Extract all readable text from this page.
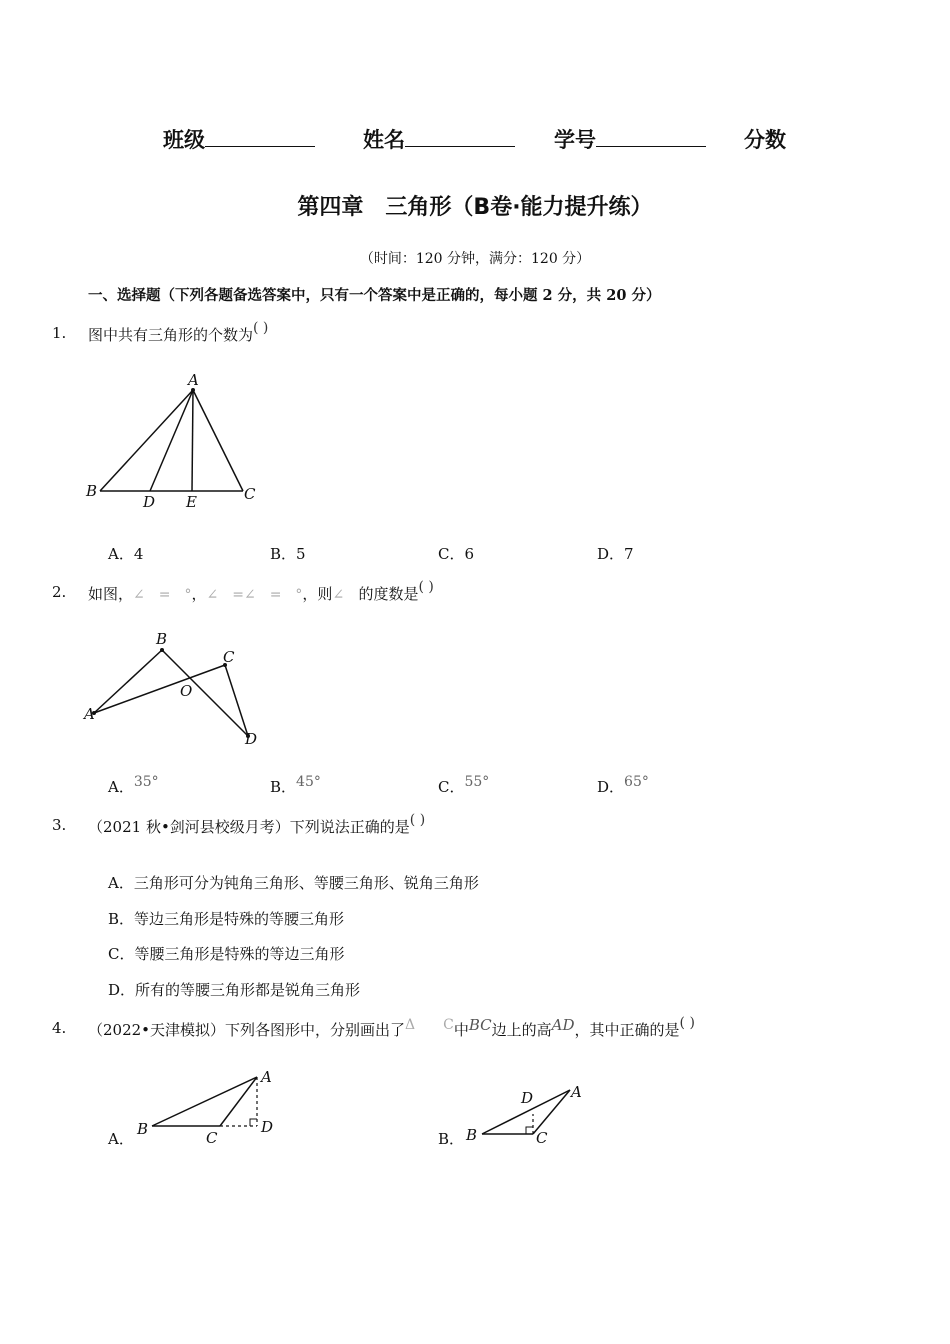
班级	姓名	学号	分数
第四章　三角形（B卷·能力提升练）
（时间：120 分钟，满分：120 分）
一、选择题（下列各题备选答案中，只有一个答案中是正确的，每小题 2 分，共 20 分）
1. 图中共有三角形的个数为( )
A
B
D E	C
A．4	B．5	C．6	D．7
2. 如图，∠　=　°，∠　=∠　=　°，则∠ 的度数是( )
B
C
O
A
D
A．35°	B．45°	C．55°	D．65°
3. （2021 秋•剑河县校级月考）下列说法正确的是( )
A．三角形可分为钝角三角形、等腰三角形、锐角三角形
B．等边三角形是特殊的等腰三角形
C．等腰三角形是特殊的等边三角形
D．所有的等腰三角形都是锐角三角形
4. （2022•天津模拟）下列各图形中，分别画出了Δ　　C中BC边上的高AD，其中正确的是( )
A．
A
B	C
D
B．
D	A
B	C
